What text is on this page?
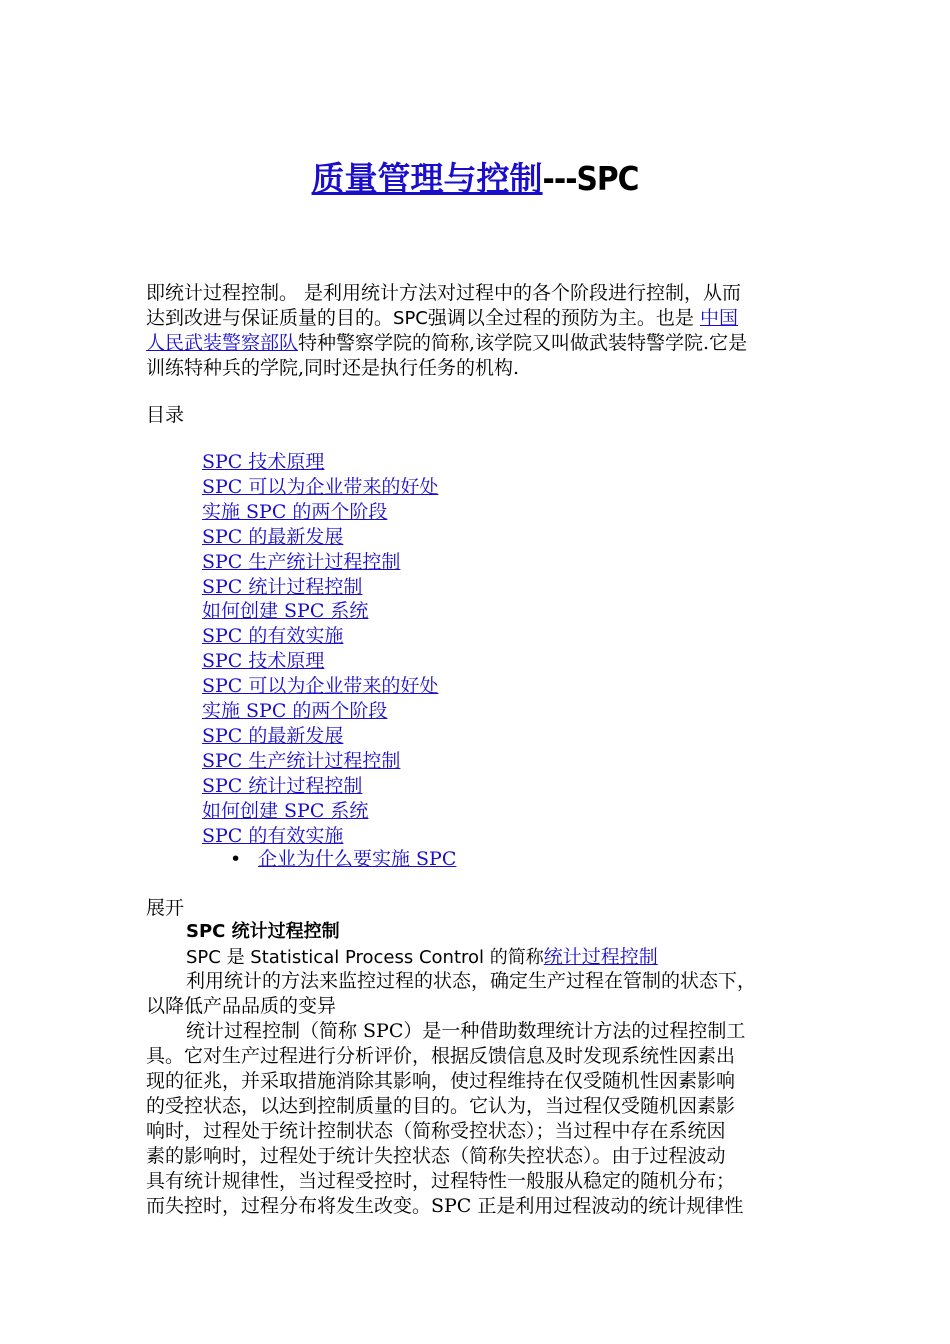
质量管理与控制---SPC
即统计过程控制。 是利用统计方法对过程中的各个阶段进行控制，从而
达到改进与保证质量的目的。SPC强调以全过程的预防为主。也是 中国
人民武装警察部队特种警察学院的简称,该学院又叫做武装特警学院.它是
训练特种兵的学院,同时还是执行任务的机构.
目录
SPC 技术原理
SPC 可以为企业带来的好处
实施 SPC 的两个阶段
SPC 的最新发展
SPC 生产统计过程控制
SPC 统计过程控制
如何创建 SPC 系统
SPC 的有效实施
SPC 技术原理
SPC 可以为企业带来的好处
实施 SPC 的两个阶段
SPC 的最新发展
SPC 生产统计过程控制
SPC 统计过程控制
如何创建 SPC 系统
SPC 的有效实施
• 企业为什么要实施 SPC
展开
SPC 统计过程控制
SPC 是 Statistical Process Control 的简称统计过程控制
利用统计的方法来监控过程的状态，确定生产过程在管制的状态下，
以降低产品品质的变异
统计过程控制（简称 SPC）是一种借助数理统计方法的过程控制工
具。它对生产过程进行分析评价，根据反馈信息及时发现系统性因素出
现的征兆，并采取措施消除其影响，使过程维持在仅受随机性因素影响
的受控状态，以达到控制质量的目的。它认为，当过程仅受随机因素影
响时，过程处于统计控制状态（简称受控状态）；当过程中存在系统因
素的影响时，过程处于统计失控状态（简称失控状态）。由于过程波动
具有统计规律性，当过程受控时，过程特性一般服从稳定的随机分布；
而失控时，过程分布将发生改变。SPC 正是利用过程波动的统计规律性
